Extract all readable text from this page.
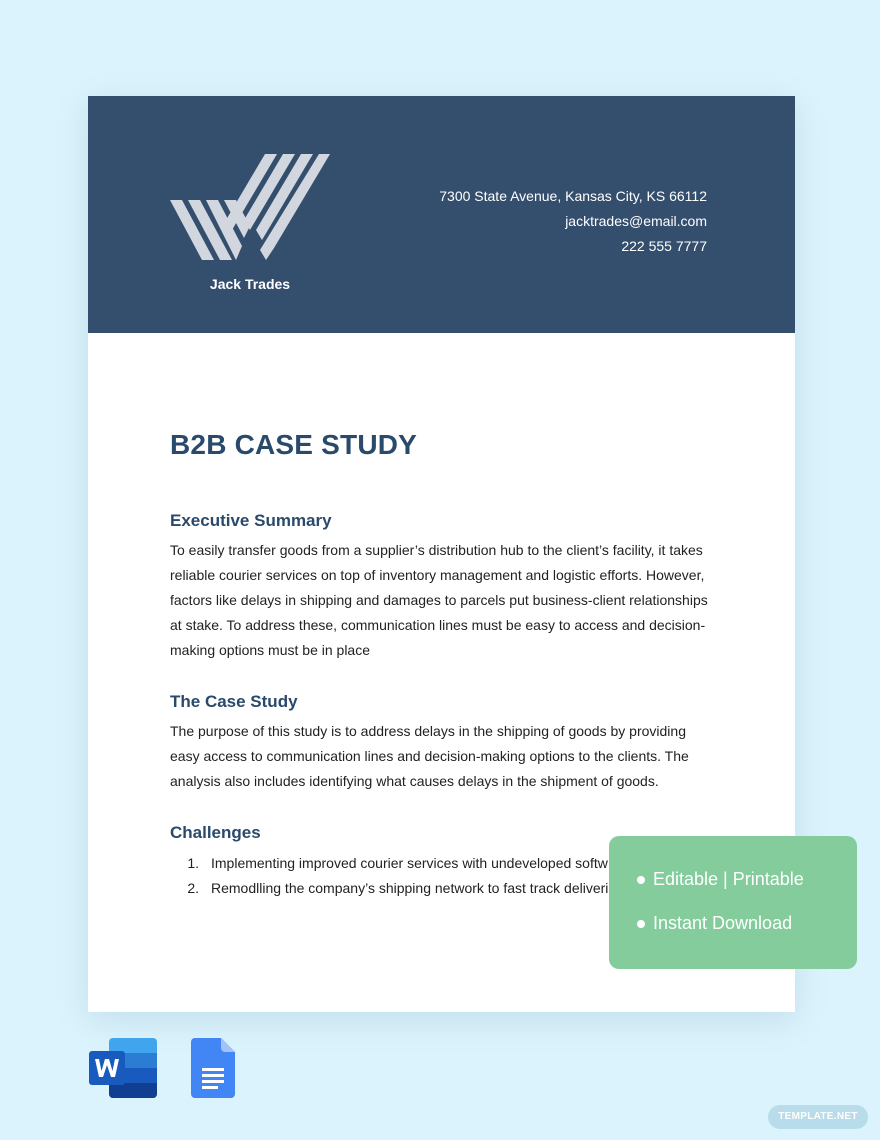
Jack Trades
7300 State Avenue, Kansas City, KS 66112
jacktrades@email.com
222 555 7777
B2B CASE STUDY
Executive Summary
To easily transfer goods from a supplier’s distribution hub to the client’s facility, it takes reliable courier services on top of inventory management and logistic efforts. However, factors like delays in shipping and damages to parcels put business-client relationships at stake. To address these, communication lines must be easy to access and decision-making options must be in place
The Case Study
The purpose of this study is to address delays in the shipping of goods by providing easy access to communication lines and decision-making options to the clients. The analysis also includes identifying what causes delays in the shipment of goods.
Challenges
1. Implementing improved courier services with undeveloped softw
2. Remodlling the company’s shipping network to fast track deliveri Editable | Printable
Instant Download
TEMPLATE.NET
